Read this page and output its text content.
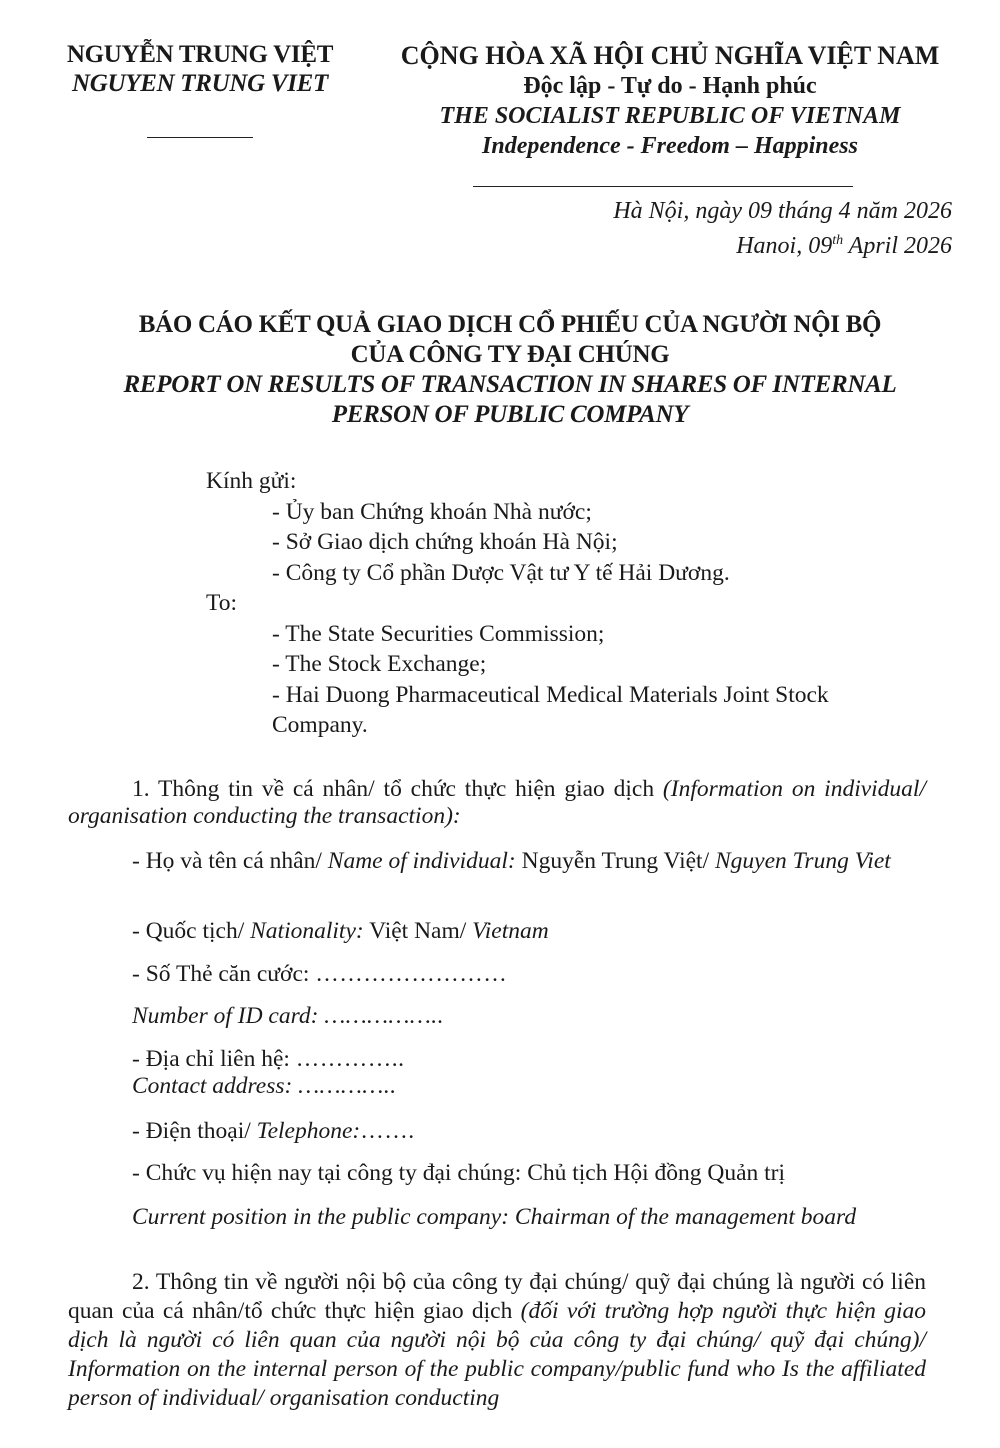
NGUYỄN TRUNG VIỆT
NGUYEN TRUNG VIET
CỘNG HÒA XÃ HỘI CHỦ NGHĨA VIỆT NAM
Độc lập - Tự do - Hạnh phúc
THE SOCIALIST REPUBLIC OF VIETNAM
Independence - Freedom – Happiness
Hà Nội, ngày 09 tháng 4 năm 2026
Hanoi, 09th April 2026
BÁO CÁO KẾT QUẢ GIAO DỊCH CỔ PHIẾU CỦA NGƯỜI NỘI BỘ
CỦA CÔNG TY ĐẠI CHÚNG
REPORT ON RESULTS OF TRANSACTION IN SHARES OF INTERNAL
PERSON OF PUBLIC COMPANY
Kính gửi:
- Ủy ban Chứng khoán Nhà nước;
- Sở Giao dịch chứng khoán Hà Nội;
- Công ty Cổ phần Dược Vật tư Y tế Hải Dương.
To:
- The State Securities Commission;
- The Stock Exchange;
- Hai Duong Pharmaceutical Medical Materials Joint Stock
Company.
1. Thông tin về cá nhân/ tổ chức thực hiện giao dịch (Information on individual/ organisation conducting the transaction):
- Họ và tên cá nhân/ Name of individual: Nguyễn Trung Việt/ Nguyen Trung Viet
- Quốc tịch/ Nationality: Việt Nam/ Vietnam
- Số Thẻ căn cước: ……………………
Number of ID card: ……………..
- Địa chỉ liên hệ: …………..
Contact address: …………..
- Điện thoại/ Telephone:…….
- Chức vụ hiện nay tại công ty đại chúng: Chủ tịch Hội đồng Quản trị
Current position in the public company: Chairman of the management board
2. Thông tin về người nội bộ của công ty đại chúng/ quỹ đại chúng là người có liên quan của cá nhân/tổ chức thực hiện giao dịch (đối với trường hợp người thực hiện giao dịch là người có liên quan của người nội bộ của công ty đại chúng/ quỹ đại chúng)/ Information on the internal person of the public company/public fund who Is the affiliated person of individual/ organisation conducting
